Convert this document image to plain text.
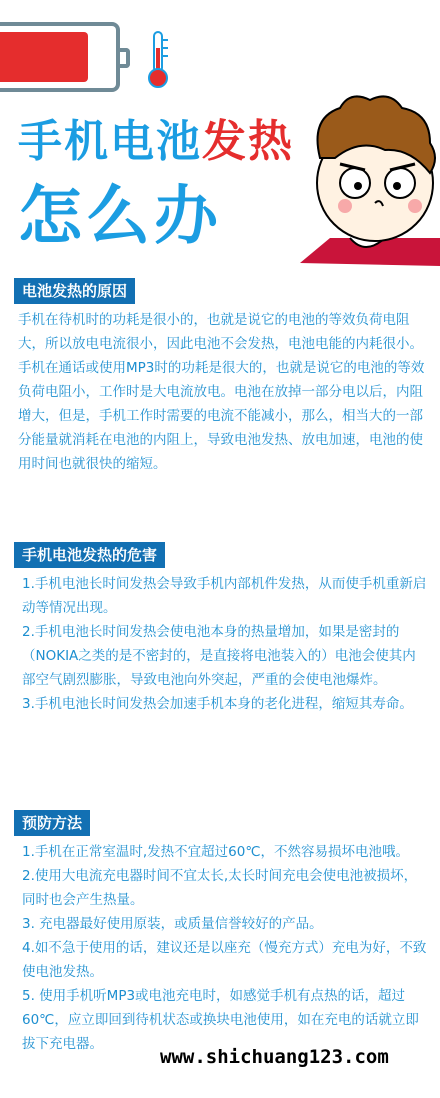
手机电池发热
怎么办
电池发热的原因
手机在待机时的功耗是很小的，也就是说它的电池的等效负荷电阻大，所以放电电流很小，因此电池不会发热，电池电能的内耗很小。手机在通话或使用MP3时的功耗是很大的，也就是说它的电池的等效负荷电阻小，工作时是大电流放电。电池在放掉一部分电以后，内阻增大，但是，手机工作时需要的电流不能减小，那么，相当大的一部分能量就消耗在电池的内阻上，导致电池发热、放电加速，电池的使用时间也就很快的缩短。
手机电池发热的危害
1.手机电池长时间发热会导致手机内部机件发热，从而使手机重新启动等情况出现。
2.手机电池长时间发热会使电池本身的热量增加，如果是密封的（NOKIA之类的是不密封的，是直接将电池装入的）电池会使其内部空气剧烈膨胀，导致电池向外突起，严重的会使电池爆炸。
3.手机电池长时间发热会加速手机本身的老化进程，缩短其寿命。
预防方法
1.手机在正常室温时,发热不宜超过60℃，不然容易损坏电池哦。
2.使用大电流充电器时间不宜太长,太长时间充电会使电池被损坏，同时也会产生热量。
3. 充电器最好使用原装，或质量信誉较好的产品。
4.如不急于使用的话，建议还是以座充（慢充方式）充电为好，不致使电池发热。
5. 使用手机听MP3或电池充电时，如感觉手机有点热的话，超过60℃，应立即回到待机状态或换块电池使用，如在充电的话就立即拔下充电器。
www.shichuang123.com
